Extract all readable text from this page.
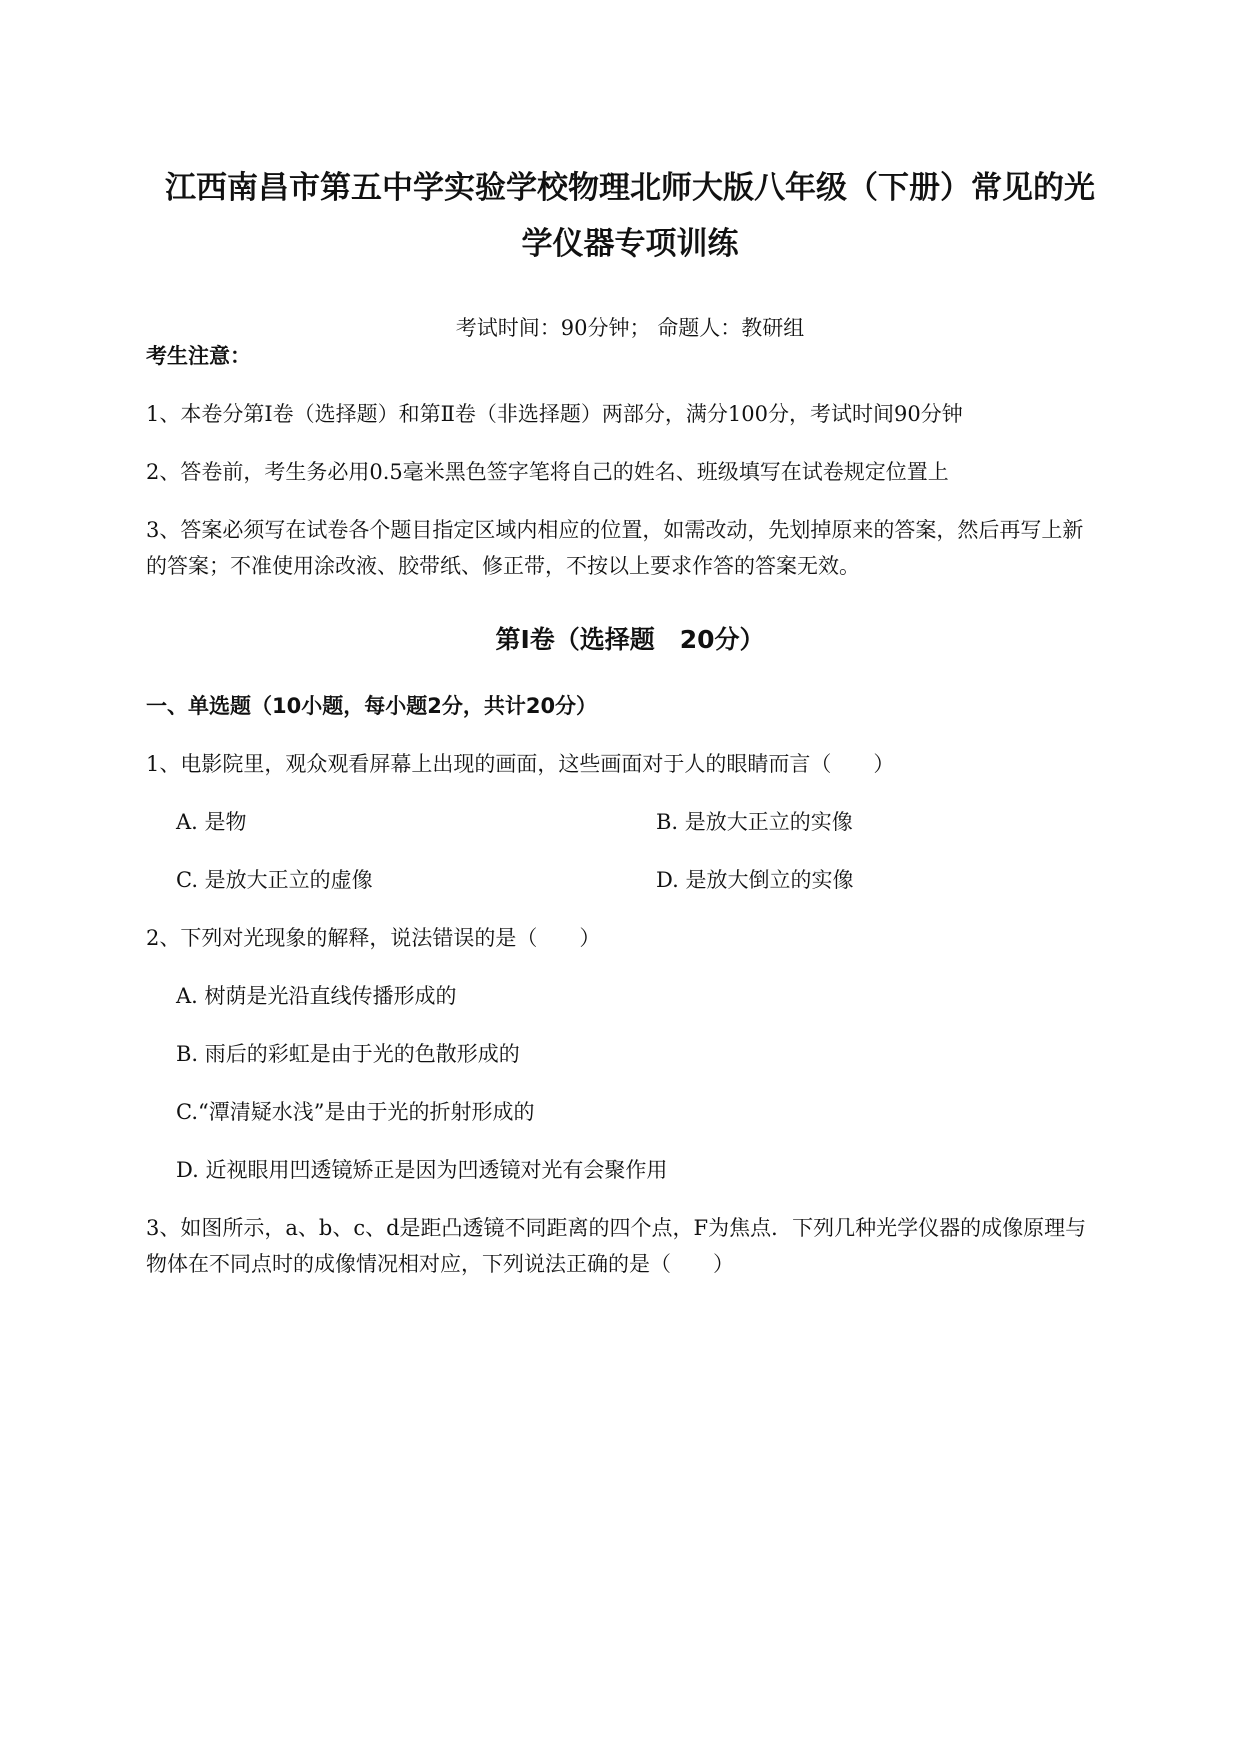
江西南昌市第五中学实验学校物理北师大版八年级（下册）常见的光
学仪器专项训练
考试时间：90分钟； 命题人：教研组
考生注意：
1、本卷分第Ⅰ卷（选择题）和第Ⅱ卷（非选择题）两部分，满分100分，考试时间90分钟
2、答卷前，考生务必用0.5毫米黑色签字笔将自己的姓名、班级填写在试卷规定位置上
3、答案必须写在试卷各个题目指定区域内相应的位置，如需改动，先划掉原来的答案，然后再写上新
的答案；不准使用涂改液、胶带纸、修正带，不按以上要求作答的答案无效。
第Ⅰ卷（选择题　20分）
一、单选题（10小题，每小题2分，共计20分）
1、电影院里，观众观看屏幕上出现的画面，这些画面对于人的眼睛而言（　　）
A. 是物	B. 是放大正立的实像
C. 是放大正立的虚像	D. 是放大倒立的实像
2、下列对光现象的解释，说法错误的是（　　）
A. 树荫是光沿直线传播形成的
B. 雨后的彩虹是由于光的色散形成的
C.“潭清疑水浅”是由于光的折射形成的
D. 近视眼用凹透镜矫正是因为凹透镜对光有会聚作用
3、如图所示，a、b、c、d是距凸透镜不同距离的四个点，F为焦点．下列几种光学仪器的成像原理与
物体在不同点时的成像情况相对应，下列说法正确的是（　　）
